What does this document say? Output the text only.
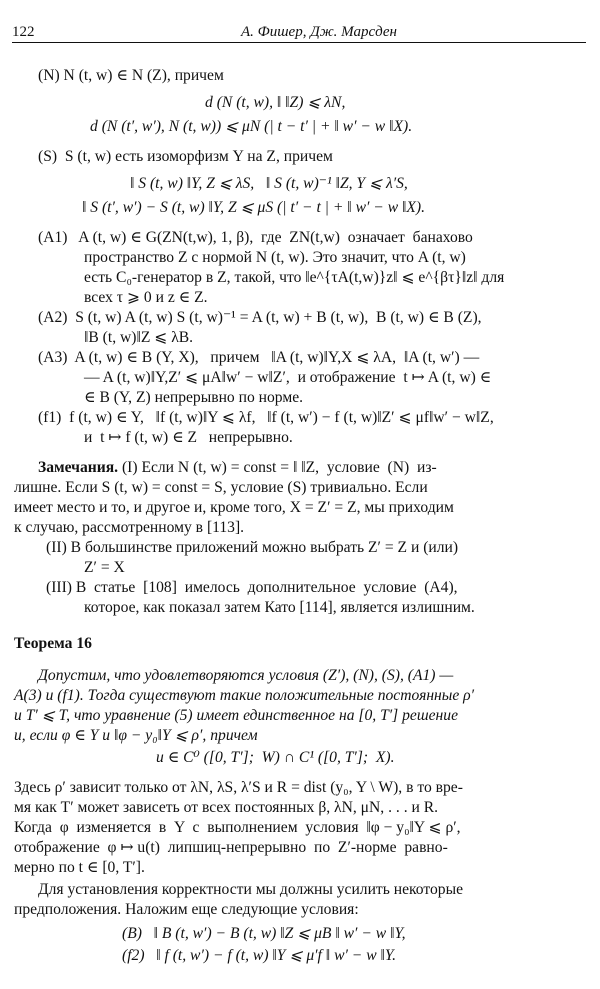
122	А. Фишер, Дж. Марсден
(N) N (t, w) ∈ N (Z), причем
d (N (t, w), ‖ ‖Z) ⩽ λN,
d (N (t′, w′), N (t, w)) ⩽ μN (| t − t′ | + ‖ w′ − w ‖X).
(S)  S (t, w) есть изоморфизм Y на Z, причем
‖ S (t, w) ‖Y, Z ⩽ λS,   ‖ S (t, w)⁻¹ ‖Z, Y ⩽ λ′S,
‖ S (t′, w′) − S (t, w) ‖Y, Z ⩽ μS (| t′ − t | + ‖ w′ − w ‖X).
(A1)   A (t, w) ∈ G(ZN(t,w), 1, β),  где  ZN(t,w)  означает  банахово
пространство Z с нормой N (t, w). Это значит, что A (t, w)
есть C₀-генератор в Z, такой, что ‖e^{τA(t,w)}z‖ ⩽ e^{βτ}‖z‖ для
всех τ ⩾ 0 и z ∈ Z.
(A2)  S (t, w) A (t, w) S (t, w)⁻¹ = A (t, w) + B (t, w),  B (t, w) ∈ B (Z),
‖B (t, w)‖Z ⩽ λB.
(A3)  A (t, w) ∈ B (Y, X),   причем   ‖A (t, w)‖Y,X ⩽ λA,  ‖A (t, w′) —
— A (t, w)‖Y,Z′ ⩽ μA‖w′ − w‖Z′,  и отображение  t ↦ A (t, w) ∈
∈ B (Y, Z) непрерывно по норме.
(f1)  f (t, w) ∈ Y,   ‖f (t, w)‖Y ⩽ λf,   ‖f (t, w′) − f (t, w)‖Z′ ⩽ μf‖w′ − w‖Z,
и  t ↦ f (t, w) ∈ Z   непрерывно.
Замечания. (I) Если N (t, w) = const = ‖ ‖Z,  условие  (N)  из-
лишне. Если S (t, w) = const = S, условие (S) тривиально. Если
имеет место и то, и другое и, кроме того, X = Z′ = Z, мы приходим
к случаю, рассмотренному в [113].
(II) В большинстве приложений можно выбрать Z′ = Z и (или)
Z′ = X
(III) В  статье  [108]  имелось  дополнительное  условие  (A4),
которое, как показал затем Като [114], является излишним.
Теорема 16
Допустим, что удовлетворяются условия (Z′), (N), (S), (A1) —
A(3) и (f1). Тогда существуют такие положительные постоянные ρ′
и T′ ⩽ T, что уравнение (5) имеет единственное на [0, T′] решение
u, если φ ∈ Y и ‖φ − y₀‖Y ⩽ ρ′, причем
u ∈ C⁰ ([0, T′];  W) ∩ C¹ ([0, T′];  X).
Здесь ρ′ зависит только от λN, λS, λ′S и R = dist (y₀, Y \ W), в то вре-
мя как T′ может зависеть от всех постоянных β, λN, μN, . . . и R.
Когда  φ  изменяется  в  Y  с  выполнением  условия  ‖φ − y₀‖Y ⩽ ρ′,
отображение  φ ↦ u(t)  липшиц-непрерывно  по  Z′-норме  равно-
мерно по t ∈ [0, T′].
Для установления корректности мы должны усилить некоторые
предположения. Наложим еще следующие условия:
(B)   ‖ B (t, w′) − B (t, w) ‖Z ⩽ μB ‖ w′ − w ‖Y,
(f2)   ‖ f (t, w′) − f (t, w) ‖Y ⩽ μ′f ‖ w′ − w ‖Y.
